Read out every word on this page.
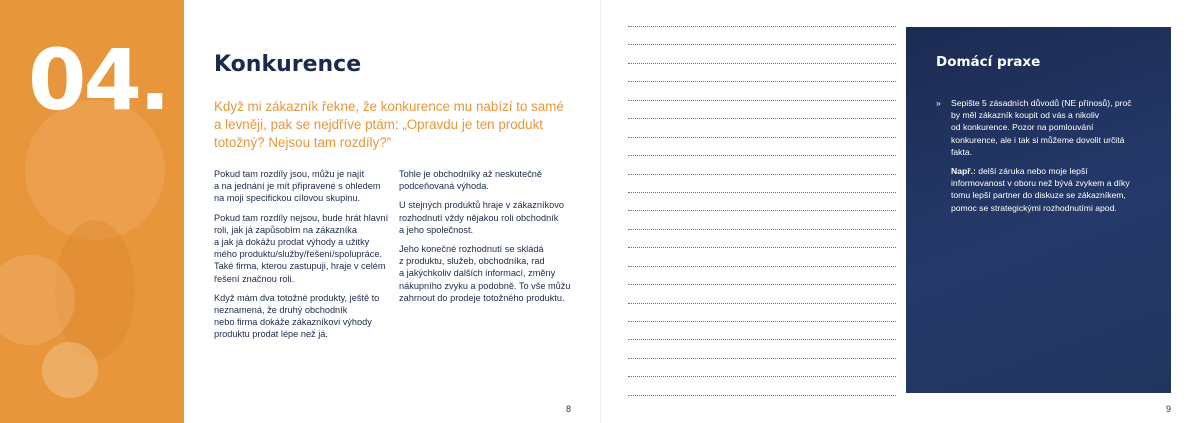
04. Konkurence
Když mi zákazník řekne, že konkurence mu nabízí to samé a levněji, pak se nejdříve ptám: „Opravdu je ten produkt totožný? Nejsou tam rozdíly?”

Pokud tam rozdíly jsou, můžu je najít
a na jednání je mít připravené s ohledem
na moji specifickou cílovou skupinu.

Pokud tam rozdíly nejsou, bude hrát hlavní
roli, jak já zapůsobím na zákazníka
a jak já dokážu prodat výhody a užitky
mého produktu/služby/řešení/spolupráce.
Také firma, kterou zastupuji, hraje v celém
řešení značnou roli.

Když mám dva totožné produkty, ještě to
neznamená, že druhý obchodník
nebo firma dokáže zákazníkovi výhody
produktu prodat lépe než já.

Tohle je obchodníky až neskutečně
podceňovaná výhoda.

U stejných produktů hraje v zákazníkovo
rozhodnutí vždy nějakou roli obchodník
a jeho společnost.

Jeho konečné rozhodnutí se skládá
z produktu, služeb, obchodníka, rad
a jakýchkoliv dalších informací, změny
nákupního zvyku a podobně. To vše můžu
zahrnout do prodeje totožného produktu.

8
Domácí praxe
» Sepište 5 zásadních důvodů (NE přínosů), proč
by měl zákazník koupit od vás a nikoliv
od konkurence. Pozor na pomlouvání
konkurence, ale i tak si můžeme dovolit určitá
fakta.
Např.: delší záruka nebo moje lepší
informovanost v oboru než bývá zvykem a díky
tomu lepší partner do diskuze se zákazníkem,
pomoc se strategickými rozhodnutími apod.
9
